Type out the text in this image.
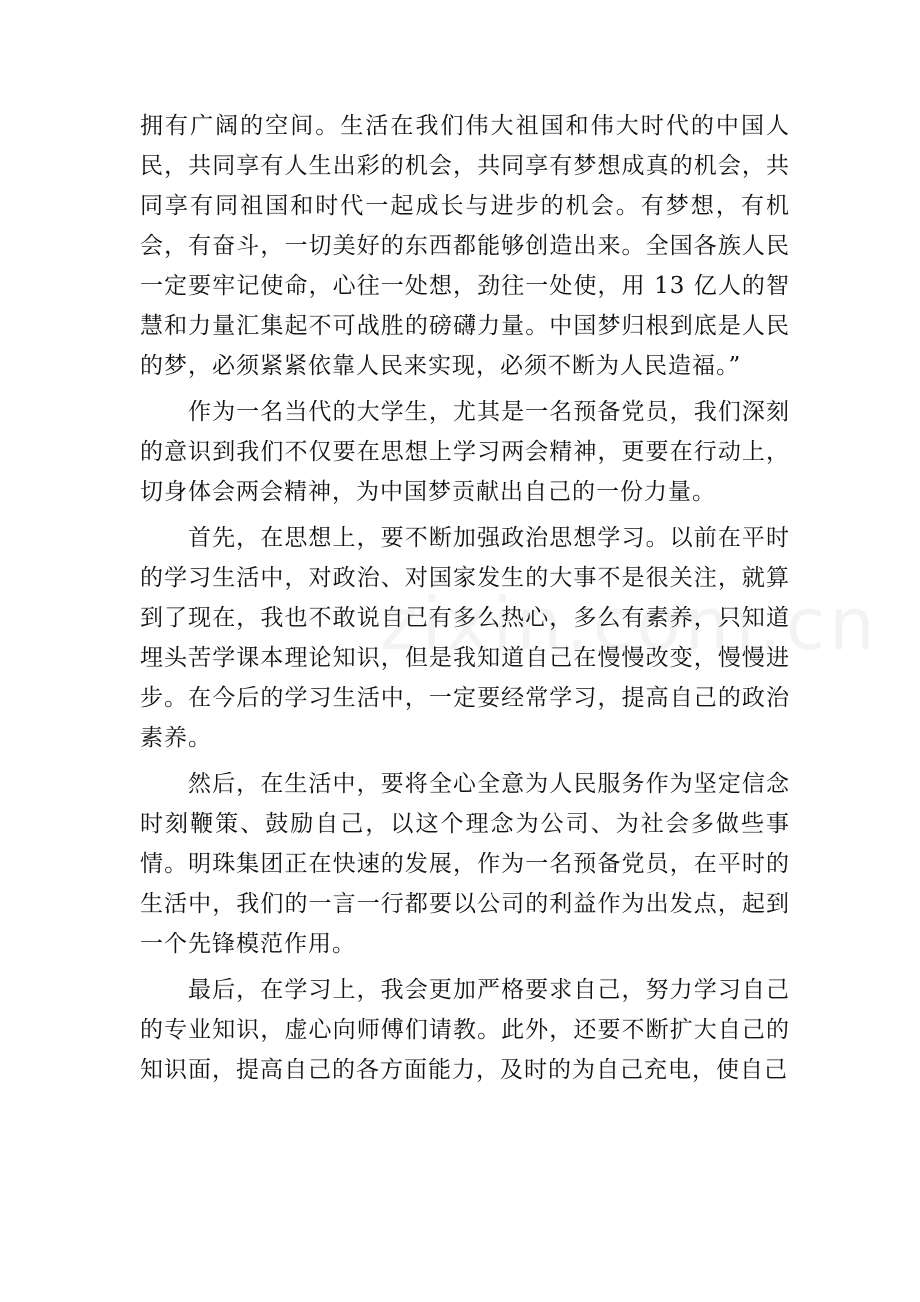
拥有广阔的空间。生活在我们伟大祖国和伟大时代的中国人民，共同享有人生出彩的机会，共同享有梦想成真的机会，共同享有同祖国和时代一起成长与进步的机会。有梦想，有机会，有奋斗，一切美好的东西都能够创造出来。全国各族人民一定要牢记使命，心往一处想，劲往一处使，用 13 亿人的智慧和力量汇集起不可战胜的磅礴力量。中国梦归根到底是人民的梦，必须紧紧依靠人民来实现，必须不断为人民造福。”

作为一名当代的大学生，尤其是一名预备党员，我们深刻的意识到我们不仅要在思想上学习两会精神，更要在行动上，切身体会两会精神，为中国梦贡献出自己的一份力量。

首先，在思想上，要不断加强政治思想学习。以前在平时的学习生活中，对政治、对国家发生的大事不是很关注，就算到了现在，我也不敢说自己有多么热心，多么有素养，只知道埋头苦学课本理论知识，但是我知道自己在慢慢改变，慢慢进步。在今后的学习生活中，一定要经常学习，提高自己的政治素养。

然后，在生活中，要将全心全意为人民服务作为坚定信念时刻鞭策、鼓励自己，以这个理念为公司、为社会多做些事情。明珠集团正在快速的发展，作为一名预备党员，在平时的生活中，我们的一言一行都要以公司的利益作为出发点，起到一个先锋模范作用。

最后，在学习上，我会更加严格要求自己，努力学习自己的专业知识，虚心向师傅们请教。此外，还要不断扩大自己的知识面，提高自己的各方面能力，及时的为自己充电，使自己
